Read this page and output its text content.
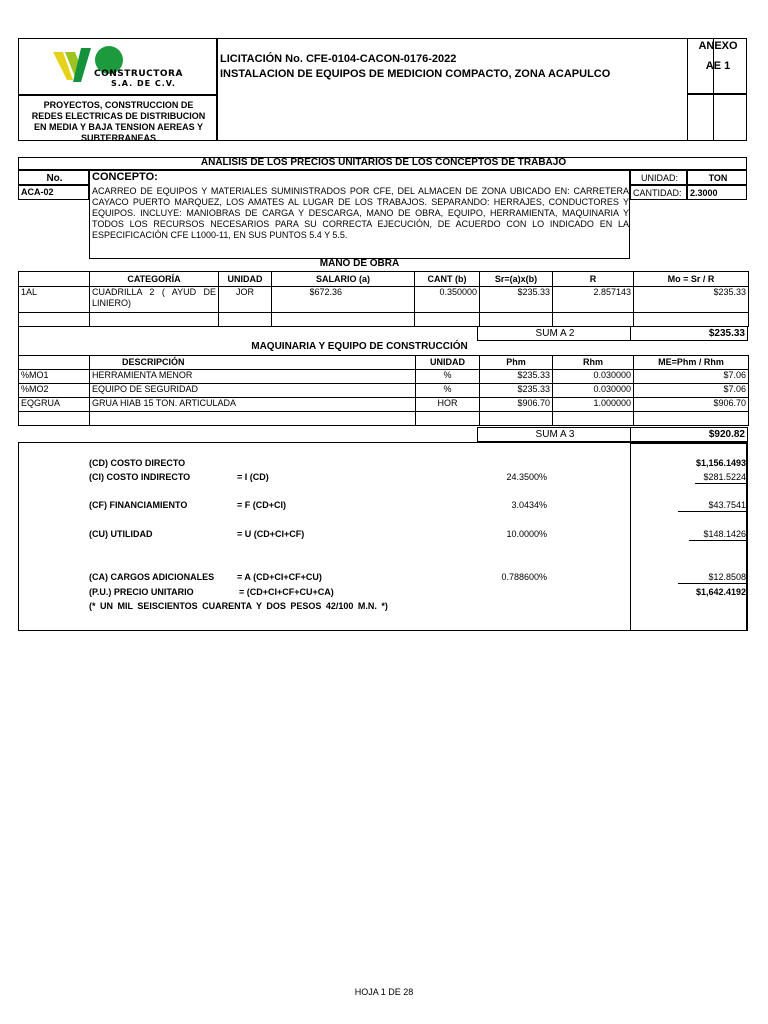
CONSTRUCTORA
S.A. DE C.V.
PROYECTOS, CONSTRUCCION DE REDES ELECTRICAS DE DISTRIBUCION EN MEDIA Y BAJA TENSION AEREAS Y SUBTERRANEAS
LICITACIÓN No. CFE-0104-CACON-0176-2022
INSTALACION DE EQUIPOS DE MEDICION COMPACTO, ZONA ACAPULCO
ANEXO
AE 1
ANALISIS DE LOS PRECIOS UNITARIOS DE LOS CONCEPTOS DE TRABAJO
No.	CONCEPTO:
ACARREO DE EQUIPOS Y MATERIALES SUMINISTRADOS POR CFE, DEL ALMACEN DE ZONA UBICADO EN: CARRETERA CAYACO PUERTO MARQUEZ, LOS AMATES AL LUGAR DE LOS TRABAJOS. SEPARANDO: HERRAJES, CONDUCTORES Y EQUIPOS. INCLUYE: MANIOBRAS DE CARGA Y DESCARGA, MANO DE OBRA, EQUIPO, HERRAMIENTA, MAQUINARIA Y TODOS LOS RECURSOS NECESARIOS PARA SU CORRECTA EJECUCIÓN, DE ACUERDO CON LO INDICADO EN LA ESPECIFICACIÓN CFE L1000-11, EN SUS PUNTOS 5.4 Y 5.5.
ACA-02
UNIDAD:	TON
CANTIDAD: 2.3000
MANO DE OBRA
	CATEGORÍA	UNIDAD	SALARIO (a)	CANT (b)	Sr=(a)x(b)	R	Mo = Sr / R
1AL	CUADRILLA 2 ( AYUD DE LINIERO)	JOR	$672.36	0.350000	$235.33	2.857143	$235.33

SUM A 2	$235.33
MAQUINARIA Y EQUIPO DE CONSTRUCCIÓN
	DESCRIPCIÓN	UNIDAD	Phm	Rhm	ME=Phm / Rhm
%MO1	HERRAMIENTA MENOR	%	$235.33	0.030000	$7.06
%MO2	EQUIPO DE SEGURIDAD	%	$235.33	0.030000	$7.06
EQGRUA	GRUA HIAB 15 TON. ARTICULADA	HOR	$906.70	1.000000	$906.70

SUM A 3	$920.82
(CD) COSTO DIRECTO	$1,156.1493
(CI) COSTO INDIRECTO	= I (CD)	24.3500%	$281.5224
(CF) FINANCIAMIENTO	= F (CD+CI)	3.0434%	$43.7541
(CU) UTILIDAD	= U (CD+CI+CF)	10.0000%	$148.1426
(CA) CARGOS ADICIONALES	= A (CD+CI+CF+CU)	0.788600%	$12.8508
(P.U.) PRECIO UNITARIO	= (CD+CI+CF+CU+CA)	$1,642.4192
(* UN MIL SEISCIENTOS CUARENTA Y DOS PESOS 42/100 M.N. *)
HOJA 1 DE 28
